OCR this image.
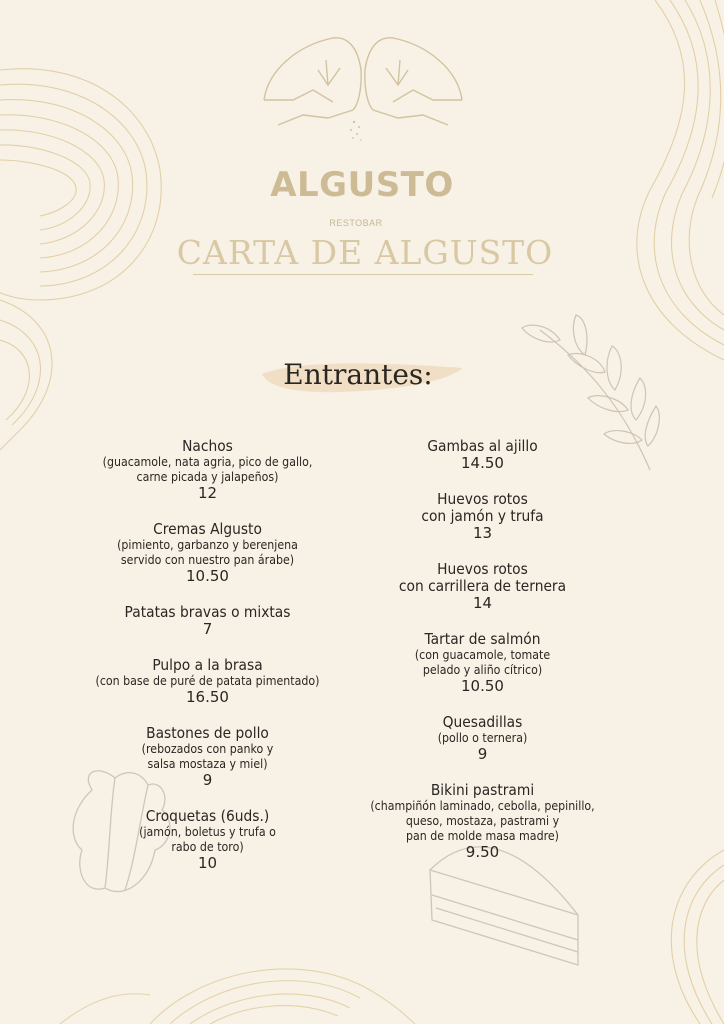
ALGUSTO
RESTOBAR
CARTA DE ALGUSTO
Entrantes:
Nachos
(guacamole, nata agria, pico de gallo,
carne picada y jalapeños)
12
Cremas Algusto
(pimiento, garbanzo y berenjena
servido con nuestro pan árabe)
10.50
Patatas bravas o mixtas
7
Pulpo a la brasa
(con base de puré de patata pimentado)
16.50
Bastones de pollo
(rebozados con panko y
salsa mostaza y miel)
9
Croquetas (6uds.)
(jamón, boletus y trufa o
rabo de toro)
10
Gambas al ajillo
14.50
Huevos rotos
con jamón y trufa
13
Huevos rotos
con carrillera de ternera
14
Tartar de salmón
(con guacamole, tomate
pelado y aliño cítrico)
10.50
Quesadillas
(pollo o ternera)
9
Bikini pastrami
(champiñón laminado, cebolla, pepinillo,
queso, mostaza, pastrami y
pan de molde masa madre)
9.50
